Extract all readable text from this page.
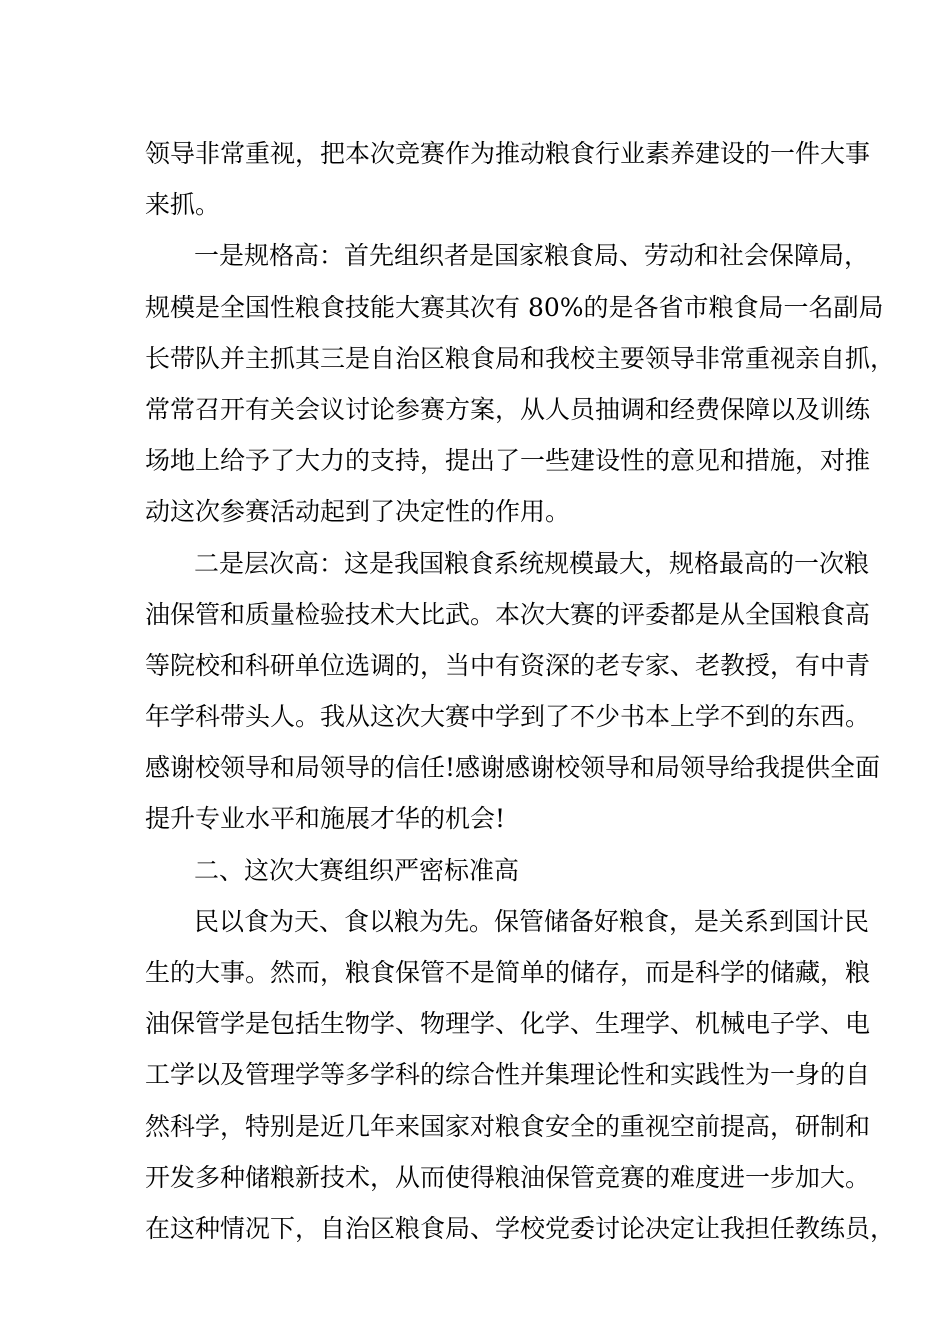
领导非常重视，把本次竞赛作为推动粮食行业素养建设的一件大事
来抓。

一是规格高：首先组织者是国家粮食局、劳动和社会保障局，
规模是全国性粮食技能大赛其次有 80%的是各省市粮食局一名副局
长带队并主抓其三是自治区粮食局和我校主要领导非常重视亲自抓，
常常召开有关会议讨论参赛方案，从人员抽调和经费保障以及训练
场地上给予了大力的支持，提出了一些建设性的意见和措施，对推
动这次参赛活动起到了决定性的作用。

二是层次高：这是我国粮食系统规模最大，规格最高的一次粮
油保管和质量检验技术大比武。本次大赛的评委都是从全国粮食高
等院校和科研单位选调的，当中有资深的老专家、老教授，有中青
年学科带头人。我从这次大赛中学到了不少书本上学不到的东西。
感谢校领导和局领导的信任!感谢感谢校领导和局领导给我提供全面
提升专业水平和施展才华的机会!

二、这次大赛组织严密标准高

民以食为天、食以粮为先。保管储备好粮食，是关系到国计民
生的大事。然而，粮食保管不是简单的储存，而是科学的储藏，粮
油保管学是包括生物学、物理学、化学、生理学、机械电子学、电
工学以及管理学等多学科的综合性并集理论性和实践性为一身的自
然科学，特别是近几年来国家对粮食安全的重视空前提高，研制和
开发多种储粮新技术，从而使得粮油保管竞赛的难度进一步加大。
在这种情况下，自治区粮食局、学校党委讨论决定让我担任教练员，
